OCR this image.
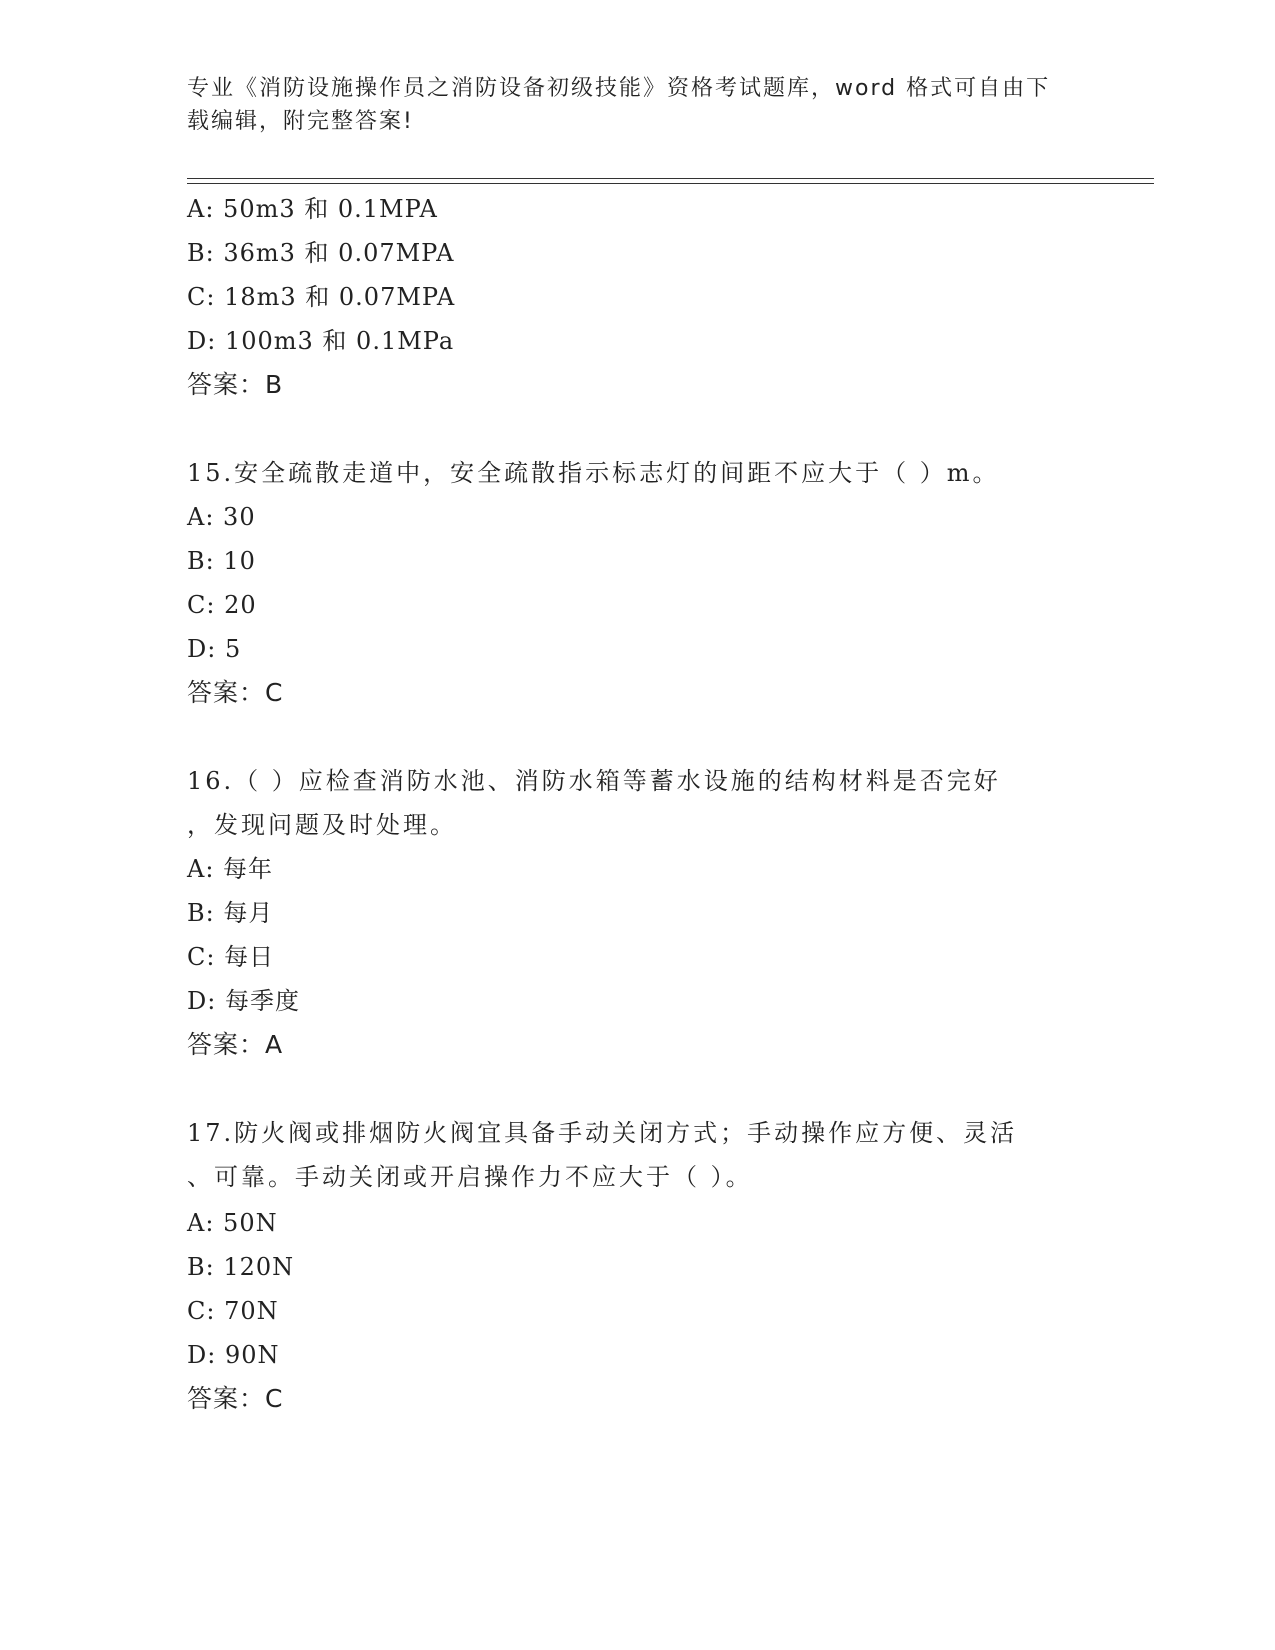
专业《消防设施操作员之消防设备初级技能》资格考试题库，word 格式可自由下
载编辑，附完整答案!
A: 50m3 和 0.1MPA
B: 36m3 和 0.07MPA
C: 18m3 和 0.07MPA
D: 100m3 和 0.1MPa
答案：B
15.安全疏散走道中，安全疏散指示标志灯的间距不应大于（ ）m。
A: 30
B: 10
C: 20
D: 5
答案：C
16.（ ）应检查消防水池、消防水箱等蓄水设施的结构材料是否完好
，发现问题及时处理。
A: 每年
B: 每月
C: 每日
D: 每季度
答案：A
17.防火阀或排烟防火阀宜具备手动关闭方式；手动操作应方便、灵活
、可靠。手动关闭或开启操作力不应大于（ ）。
A: 50N
B: 120N
C: 70N
D: 90N
答案：C
